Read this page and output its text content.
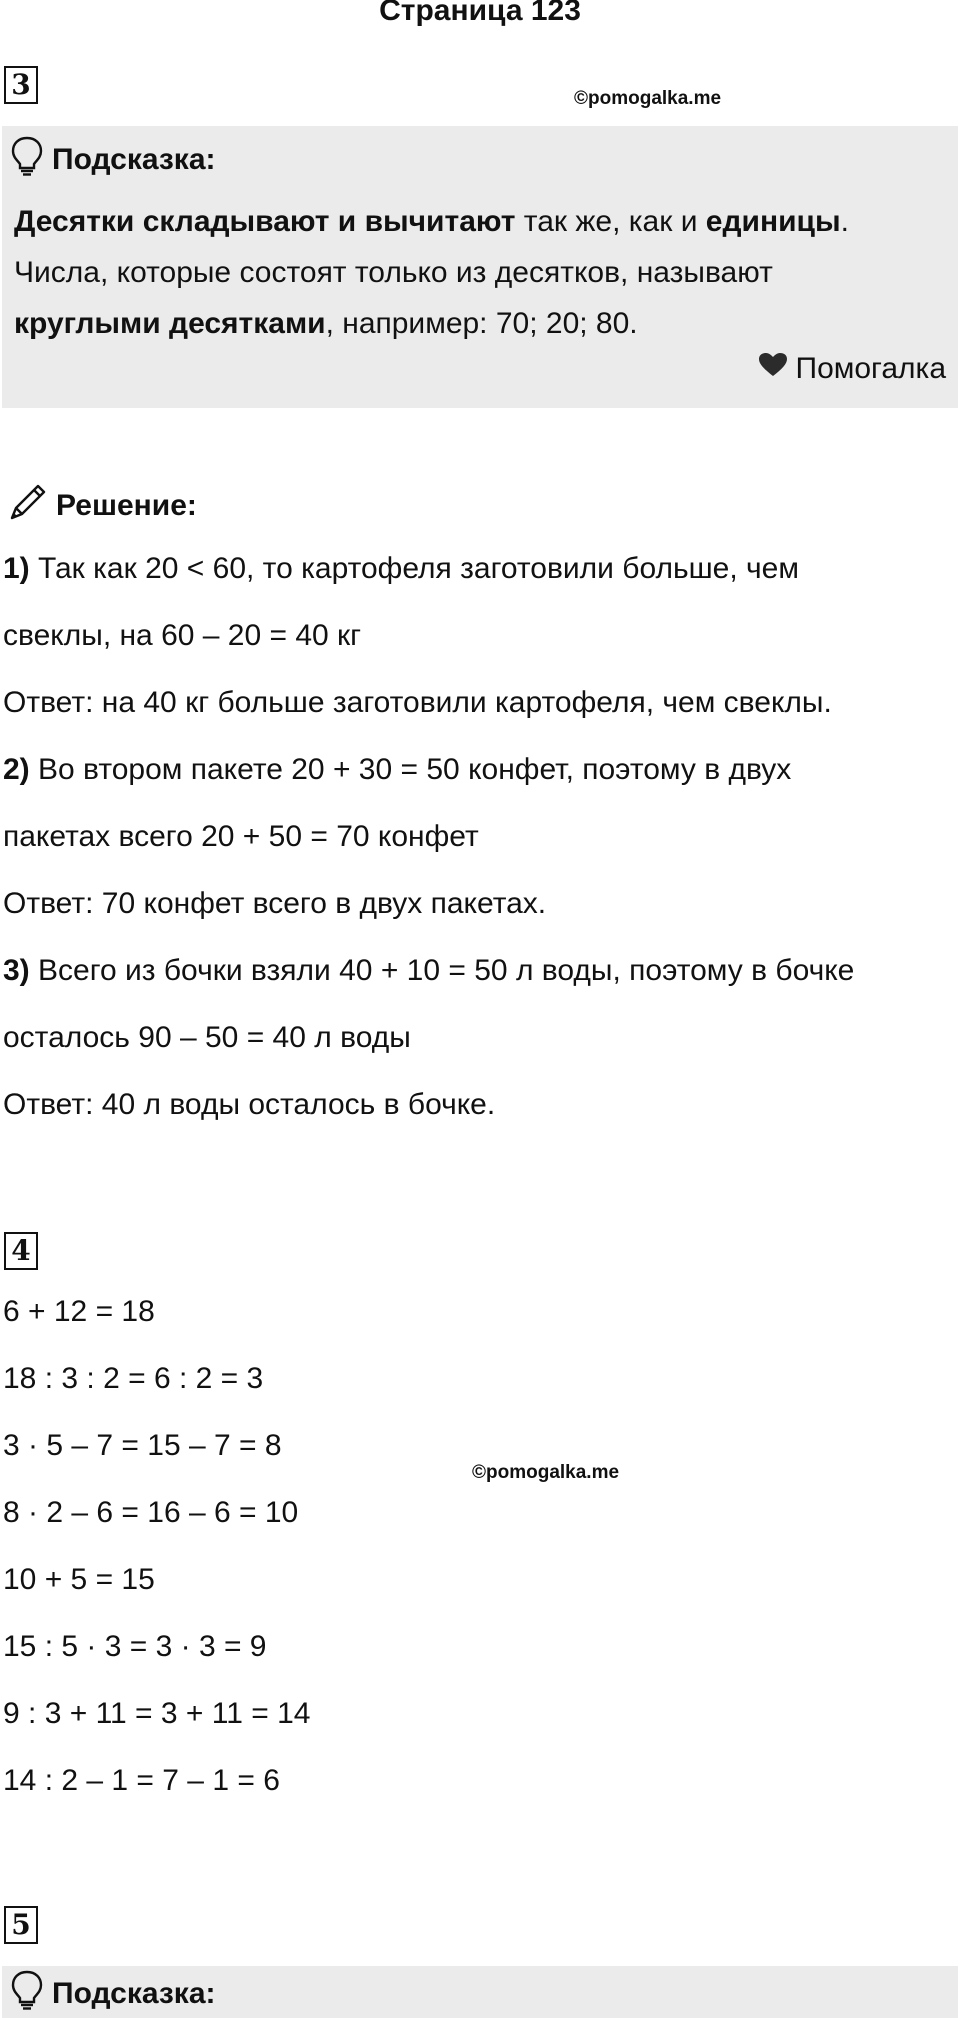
Страница 123
3	©pomogalka.me
Подсказка:
Десятки складывают и вычитают так же, как и единицы.
Числа, которые состоят только из десятков, называют
круглыми десятками, например: 70; 20; 80.
Помогалка
Решение:
1) Так как 20 < 60, то картофеля заготовили больше, чем
свеклы, на 60 – 20 = 40 кг
Ответ: на 40 кг больше заготовили картофеля, чем свеклы.
2) Во втором пакете 20 + 30 = 50 конфет, поэтому в двух
пакетах всего 20 + 50 = 70 конфет
Ответ: 70 конфет всего в двух пакетах.
3) Всего из бочки взяли 40 + 10 = 50 л воды, поэтому в бочке
осталось 90 – 50 = 40 л воды
Ответ: 40 л воды осталось в бочке.
4
6 + 12 = 18
18 : 3 : 2 = 6 : 2 = 3
3 · 5 – 7 = 15 – 7 = 8
©pomogalka.me
8 · 2 – 6 = 16 – 6 = 10
10 + 5 = 15
15 : 5 · 3 = 3 · 3 = 9
9 : 3 + 11 = 3 + 11 = 14
14 : 2 – 1 = 7 – 1 = 6
5
Подсказка:
